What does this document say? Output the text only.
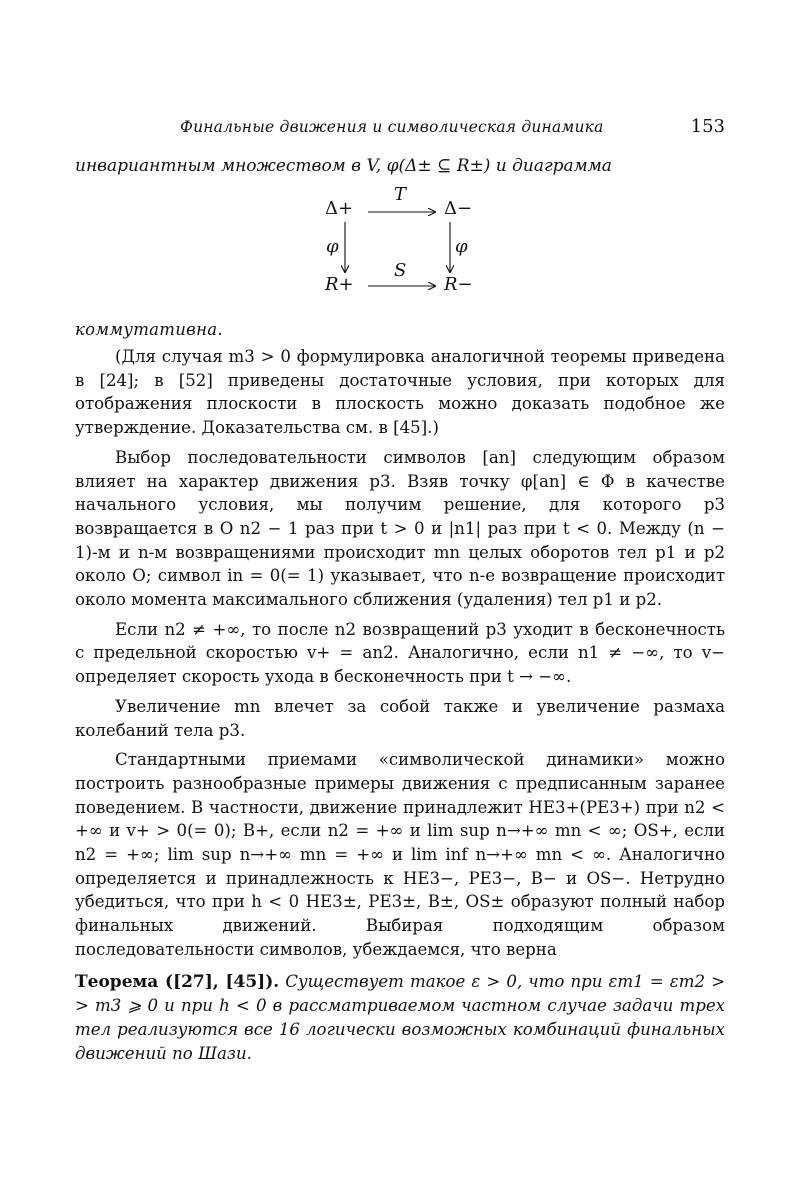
Финальные движения и символическая динамика	153
инвариантным множеством в V, φ(Δ± ⊆ R±) и диаграмма
Δ+	Δ−
R+	R−
T
S
φ	φ
коммутативна.

(Для случая m3 > 0 формулировка аналогичной теоремы приведена в [24]; в [52] приведены достаточные условия, при которых для отображения плоскости в плоскость можно доказать подобное же утверждение. Доказательства см. в [45].)

Выбор последовательности символов [an] следующим образом влияет на характер движения p3. Взяв точку φ[an] ∈ Φ в качестве начального условия, мы получим решение, для которого p3 возвращается в O n2 − 1 раз при t > 0 и |n1| раз при t < 0. Между (n − 1)-м и n-м возвращениями происходит mn целых оборотов тел p1 и p2 около O; символ in = 0(= 1) указывает, что n-е возвращение происходит около момента максимального сближения (удаления) тел p1 и p2.

Если n2 ≠ +∞, то после n2 возвращений p3 уходит в бесконечность с предельной скоростью v+ = an2. Аналогично, если n1 ≠ −∞, то v− определяет скорость ухода в бесконечность при t → −∞.

Увеличение mn влечет за собой также и увеличение размаха колебаний тела p3.

Стандартными приемами «символической динамики» можно построить разнообразные примеры движения с предписанным заранее поведением. В частности, движение принадлежит HE3+(PE3+) при n2 < +∞ и v+ > 0(= 0); B+, если n2 = +∞ и lim sup n→+∞ mn < ∞; OS+, если n2 = +∞; lim sup n→+∞ mn = +∞ и lim inf n→+∞ mn < ∞. Аналогично определяется и принадлежность к HE3−, PE3−, B− и OS−. Нетрудно убедиться, что при h < 0 HE3±, PE3±, B±, OS± образуют полный набор финальных движений. Выбирая подходящим образом последовательности символов, убеждаемся, что верна

Теорема ([27], [45]). Существует такое ε > 0, что при εm1 = εm2 > > m3 ⩾ 0 и при h < 0 в рассматриваемом частном случае задачи трех тел реализуются все 16 логически возможных комбинаций финальных движений по Шази.
